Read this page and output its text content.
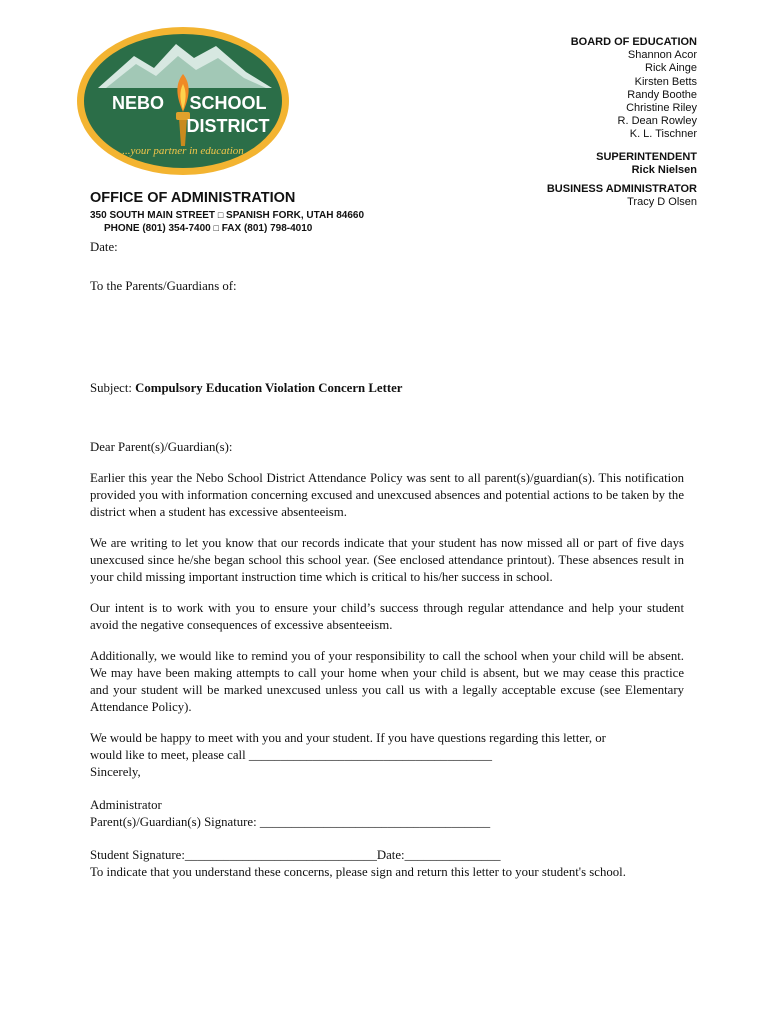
NEBO SCHOOL
DISTRICT
...your partner in education
BOARD OF EDUCATION
Shannon Acor
Rick Ainge
Kirsten Betts
Randy Boothe
Christine Riley
R. Dean Rowley
K. L. Tischner
SUPERINTENDENT
Rick Nielsen
BUSINESS ADMINISTRATOR
Tracy D Olsen
OFFICE OF ADMINISTRATION
350 SOUTH MAIN STREET □ SPANISH FORK, UTAH 84660
PHONE (801) 354-7400 □ FAX (801) 798-4010

Date:

To the Parents/Guardians of:

Subject: Compulsory Education Violation Concern Letter

Dear Parent(s)/Guardian(s):

Earlier this year the Nebo School District Attendance Policy was sent to all parent(s)/guardian(s). This notification provided you with information concerning excused and unexcused absences and potential actions to be taken by the district when a student has excessive absenteeism.

We are writing to let you know that our records indicate that your student has now missed all or part of five days unexcused since he/she began school this school year. (See enclosed attendance printout). These absences result in your child missing important instruction time which is critical to his/her success in school.

Our intent is to work with you to ensure your child’s success through regular attendance and help your student avoid the negative consequences of excessive absenteeism.

Additionally, we would like to remind you of your responsibility to call the school when your child will be absent. We may have been making attempts to call your home when your child is absent, but we may cease this practice and your student will be marked unexcused unless you call us with a legally acceptable excuse (see Elementary Attendance Policy).

We would be happy to meet with you and your student. If you have questions regarding this letter, or

would like to meet, please call ______________________________________

Sincerely,

Administrator

Parent(s)/Guardian(s) Signature: ____________________________________

Student Signature:______________________________Date:_______________

To indicate that you understand these concerns, please sign and return this letter to your student's school.
